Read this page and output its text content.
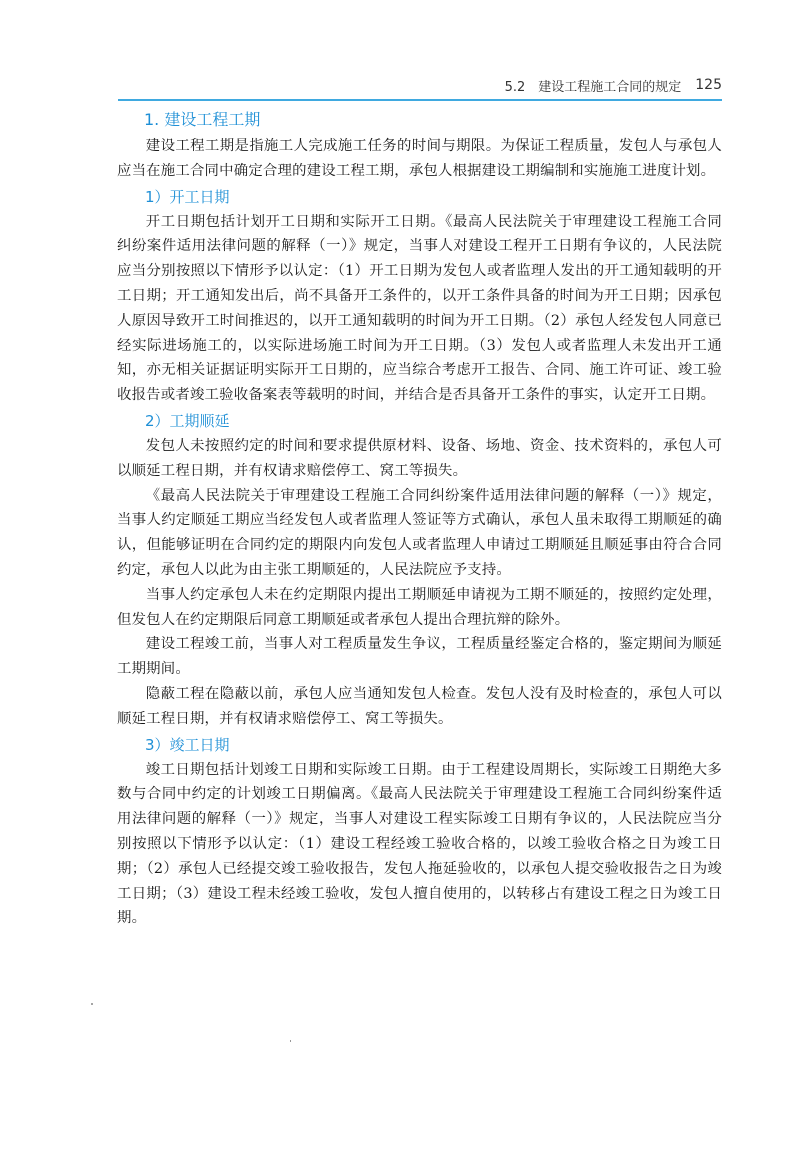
5.2　建设工程施工合同的规定 125
1. 建设工程工期

建设工程工期是指施工人完成施工任务的时间与期限。为保证工程质量，发包人与承包人应当在施工合同中确定合理的建设工程工期，承包人根据建设工期编制和实施施工进度计划。

1）开工日期

开工日期包括计划开工日期和实际开工日期。《最高人民法院关于审理建设工程施工合同纠纷案件适用法律问题的解释（一）》规定，当事人对建设工程开工日期有争议的，人民法院应当分别按照以下情形予以认定：（1）开工日期为发包人或者监理人发出的开工通知载明的开工日期；开工通知发出后，尚不具备开工条件的，以开工条件具备的时间为开工日期；因承包人原因导致开工时间推迟的，以开工通知载明的时间为开工日期。（2）承包人经发包人同意已经实际进场施工的，以实际进场施工时间为开工日期。（3）发包人或者监理人未发出开工通知，亦无相关证据证明实际开工日期的，应当综合考虑开工报告、合同、施工许可证、竣工验收报告或者竣工验收备案表等载明的时间，并结合是否具备开工条件的事实，认定开工日期。

2）工期顺延

发包人未按照约定的时间和要求提供原材料、设备、场地、资金、技术资料的，承包人可以顺延工程日期，并有权请求赔偿停工、窝工等损失。

《最高人民法院关于审理建设工程施工合同纠纷案件适用法律问题的解释（一）》规定，当事人约定顺延工期应当经发包人或者监理人签证等方式确认，承包人虽未取得工期顺延的确认，但能够证明在合同约定的期限内向发包人或者监理人申请过工期顺延且顺延事由符合合同约定，承包人以此为由主张工期顺延的，人民法院应予支持。

当事人约定承包人未在约定期限内提出工期顺延申请视为工期不顺延的，按照约定处理，但发包人在约定期限后同意工期顺延或者承包人提出合理抗辩的除外。

建设工程竣工前，当事人对工程质量发生争议，工程质量经鉴定合格的，鉴定期间为顺延工期期间。

隐蔽工程在隐蔽以前，承包人应当通知发包人检查。发包人没有及时检查的，承包人可以顺延工程日期，并有权请求赔偿停工、窝工等损失。

3）竣工日期

竣工日期包括计划竣工日期和实际竣工日期。由于工程建设周期长，实际竣工日期绝大多数与合同中约定的计划竣工日期偏离。《最高人民法院关于审理建设工程施工合同纠纷案件适用法律问题的解释（一）》规定，当事人对建设工程实际竣工日期有争议的，人民法院应当分别按照以下情形予以认定：（1）建设工程经竣工验收合格的，以竣工验收合格之日为竣工日期；（2）承包人已经提交竣工验收报告，发包人拖延验收的，以承包人提交验收报告之日为竣工日期；（3）建设工程未经竣工验收，发包人擅自使用的，以转移占有建设工程之日为竣工日期。
